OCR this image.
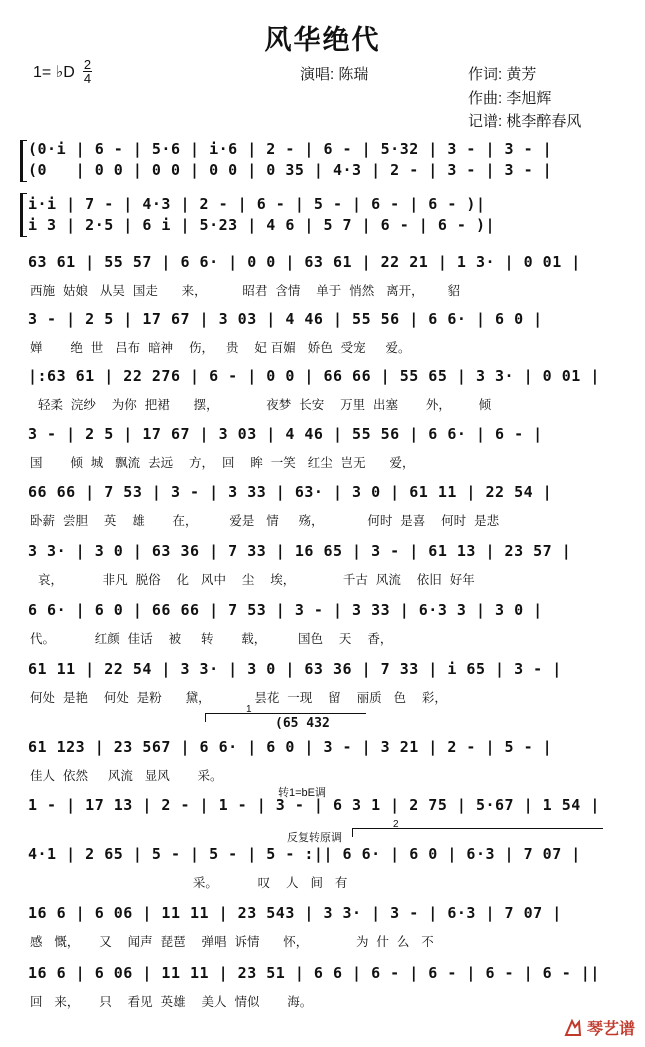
风华绝代
1= ♭D 2
4	演唱: 陈瑞	作词: 黄芳
作曲: 李旭辉
记谱: 桃李醉春风
(0·i | 6 - | 5·6 | i·6 | 2 - | 6 - | 5·32 | 3 - | 3 - |
(0   | 0 0 | 0 0 | 0 0 | 0 35 | 4·3 | 2 - | 3 - | 3 - |
i·i | 7 - | 4·3 | 2 - | 6 - | 5 - | 6 - | 6 - )|
i 3 | 2·5 | 6 i | 5·23 | 4 6 | 5 7 | 6 - | 6 - )|
63 61 | 55 57 | 6 6· | 0 0 | 63 61 | 22 21 | 1 3· | 0 01 |
西施  姑娘   从吴  国走      来，         昭君  含情    单于  悄然   离开，      貂
3 - | 2 5 | 17 67 | 3 03 | 4 46 | 55 56 | 6 6· | 6 0 |
婵       绝  世   吕布  暗神    伤，   贵    妃 百媚   娇色  受宠     爱。
|:63 61 | 22 276 | 6 - | 0 0 | 66 66 | 55 65 | 3 3· | 0 01 |
轻柔  浣纱    为你  把裙      摆，            夜梦  长安    万里  出塞       外，       倾
3 - | 2 5 | 17 67 | 3 03 | 4 46 | 55 56 | 6 6· | 6 - |
国       倾  城   飘流  去远    方，  回    眸  一笑   红尘  岂无      爱，
66 66 | 7 53 | 3 - | 3 33 | 63· | 3 0 | 61 11 | 22 54 |
卧薪  尝胆    英    雄       在，        爱是   情     殇，           何时  是喜    何时  是悲
3 3· | 3 0 | 63 36 | 7 33 | 16 65 | 3 - | 61 13 | 23 57 |
哀，          非凡  脱俗    化   风中    尘    埃，            千古  风流    依旧  好年
6 6· | 6 0 | 66 66 | 7 53 | 3 - | 3 33 | 6·3 3 | 3 0 |
代。          红颜  佳话    被     转       载，        国色    天    香，
61 11 | 22 54 | 3 3· | 3 0 | 63 36 | 7 33 | i 65 | 3 - |
何处  是艳    何处  是粉      黛，           昙花  一现    留    丽质   色    彩，
1
(65 432
61 123 | 23 567 | 6 6· | 6 0 | 3 - | 3 21 | 2 - | 5 - |
佳人  依然     风流   显风       采。
转1=bE调
1 - | 17 13 | 2 - | 1 - | 3 - | 6 3 1 | 2 75 | 5·67 | 1 54 |
反复转原调
2
4·1 | 2 65 | 5 - | 5 - | 5 - :|| 6 6· | 6 0 | 6·3 | 7 07 |
采。          叹    人   间   有
16 6 | 6 06 | 11 11 | 23 543 | 3 3· | 3 - | 6·3 | 7 07 |
感   慨，     又    闻声  琵琶    弹唱  诉情      怀，            为  什  么   不
16 6 | 6 06 | 11 11 | 23 51 | 6 6 | 6 - | 6 - | 6 - | 6 - ||
回   来，     只    看见  英雄    美人  情似       海。
琴艺谱
